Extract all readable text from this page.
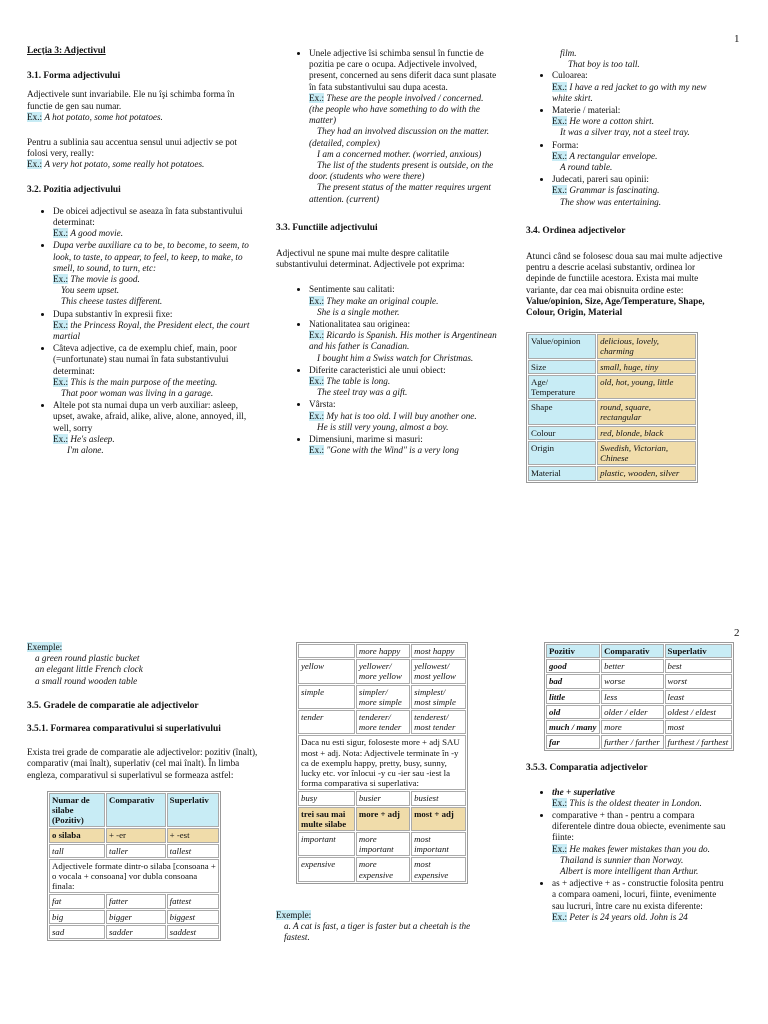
1
Lecţia 3: Adjectivul
3.1. Forma adjectivului

Adjectivele sunt invariabile. Ele nu îşi schimba forma în functie de gen sau numar.

Ex.: A hot potato, some hot potatoes.

Pentru a sublinia sau accentua sensul unui adjectiv se pot folosi very, really:

Ex.: A very hot potato, some really hot potatoes.

3.2. Pozitia adjectivului
• De obicei adjectivul se aseaza în fata substantivului determinat:
Ex.: A good movie.
• Dupa verbe auxiliare ca to be, to become, to seem, to look, to taste, to appear, to feel, to keep, to make, to smell, to sound, to turn, etc:
Ex.: The movie is good.
You seem upset.
This cheese tastes different.
• Dupa substantiv în expresii fixe:
Ex.: the Princess Royal, the President elect, the court martial
• Câteva adjective, ca de exemplu chief, main, poor (=unfortunate) stau numai în fata substantivului determinat:
Ex.: This is the main purpose of the meeting.
That poor woman was living in a garage.
• Altele pot sta numai dupa un verb auxiliar: asleep, upset, awake, afraid, alike, alive, alone, annoyed, ill, well, sorry
Ex.: He's asleep.
I'm alone.
• Unele adjective îsi schimba sensul în functie de pozitia pe care o ocupa. Adjectivele involved, present, concerned au sens diferit daca sunt plasate în fata substantivului sau dupa acesta.
Ex.: These are the people involved / concerned. (the people who have something to do with the matter)
They had an involved discussion on the matter. (detailed, complex)
I am a concerned mother. (worried, anxious)
The list of the students present is outside, on the door. (students who were there)
The present status of the matter requires urgent attention. (current)
3.3. Functiile adjectivului

Adjectivul ne spune mai multe despre calitatile substantivului determinat. Adjectivele pot exprima:

• Sentimente sau calitati:
Ex.: They make an original couple.
She is a single mother.
• Nationalitatea sau originea:
Ex.: Ricardo is Spanish. His mother is Argentinean and his father is Canadian.
I bought him a Swiss watch for Christmas.
• Diferite caracteristici ale unui obiect:
Ex.: The table is long.
The steel tray was a gift.
• Vârsta:
Ex.: My hat is too old. I will buy another one.
He is still very young, almost a boy.
• Dimensiuni, marime si masuri:
Ex.: "Gone with the Wind" is a very long
film.
That boy is too tall.
• Culoarea:
Ex.: I have a red jacket to go with my new white skirt.
• Materie / material:
Ex.: He wore a cotton shirt.
It was a silver tray, not a steel tray.
• Forma:
Ex.: A rectangular envelope.
A round table.
• Judecati, pareri sau opinii:
Ex.: Grammar is fascinating.
The show was entertaining.
3.4. Ordinea adjectivelor

Atunci când se folosesc doua sau mai multe adjective pentru a descrie acelasi substantiv, ordinea lor depinde de functiile acestora. Exista mai multe variante, dar cea mai obisnuita ordine este: Value/opinion, Size, Age/Temperature, Shape, Colour, Origin, Material

Value/opinion	delicious, lovely, charming
Size	small, huge, tiny
Age/ Temperature	old, hot, young, little
Shape	round, square, rectangular
Colour	red, blonde, black
Origin	Swedish, Victorian, Chinese
Material	plastic, wooden, silver
2
Exemple:
a green round plastic bucket
an elegant little French clock
a small round wooden table
3.5. Gradele de comparatie ale adjectivelor
3.5.1. Formarea comparativului si superlativului

Exista trei grade de comparatie ale adjectivelor: pozitiv (înalt), comparativ (mai înalt), superlativ (cel mai înalt). În limba engleza, comparativul si superlativul se formeaza astfel:

Numar de silabe (Pozitiv)	Comparativ	Superlativ
o silaba	+ -er	+ -est
tall	taller	tallest
Adjectivele formate dintr-o silaba [consoana + o vocala + consoana] vor dubla consoana finala:		
fat	fatter	fattest
big	bigger	biggest
sad	sadder	saddest
	more happy	most happy
yellow	yellower/ more yellow	yellowest/ most yellow
simple	simpler/ more simple	simplest/ most simple
tender	tenderer/ more tender	tenderest/ most tender
Daca nu esti sigur, foloseste more + adj SAU most + adj. Nota: Adjectivele terminate în -y ca de exemplu happy, pretty, busy, sunny, lucky etc. vor înlocui -y cu -ier sau -iest la forma comparativa si superlativa:		
busy	busier	busiest
trei sau mai multe silabe	more + adj	most + adj
important	more important	most important
expensive	more expensive	most expensive
Exemple:
a. A cat is fast, a tiger is faster but a cheetah is the fastest.
Pozitiv	Comparativ	Superlativ
good	better	best
bad	worse	worst
little	less	least
old	older / elder	oldest / eldest
much / many	more	most
far	further / farther	furthest / farthest
3.5.3. Comparatia adjectivelor
• the + superlative
Ex.: This is the oldest theater in London.
• comparative + than - pentru a compara diferentele dintre doua obiecte, evenimente sau fiinte:
Ex.: He makes fewer mistakes than you do.
Thailand is sunnier than Norway.
Albert is more intelligent than Arthur.
• as + adjective + as - constructie folosita pentru a compara oameni, locuri, fiinte, evenimente sau lucruri, între care nu exista diferente:
Ex.: Peter is 24 years old. John is 24
